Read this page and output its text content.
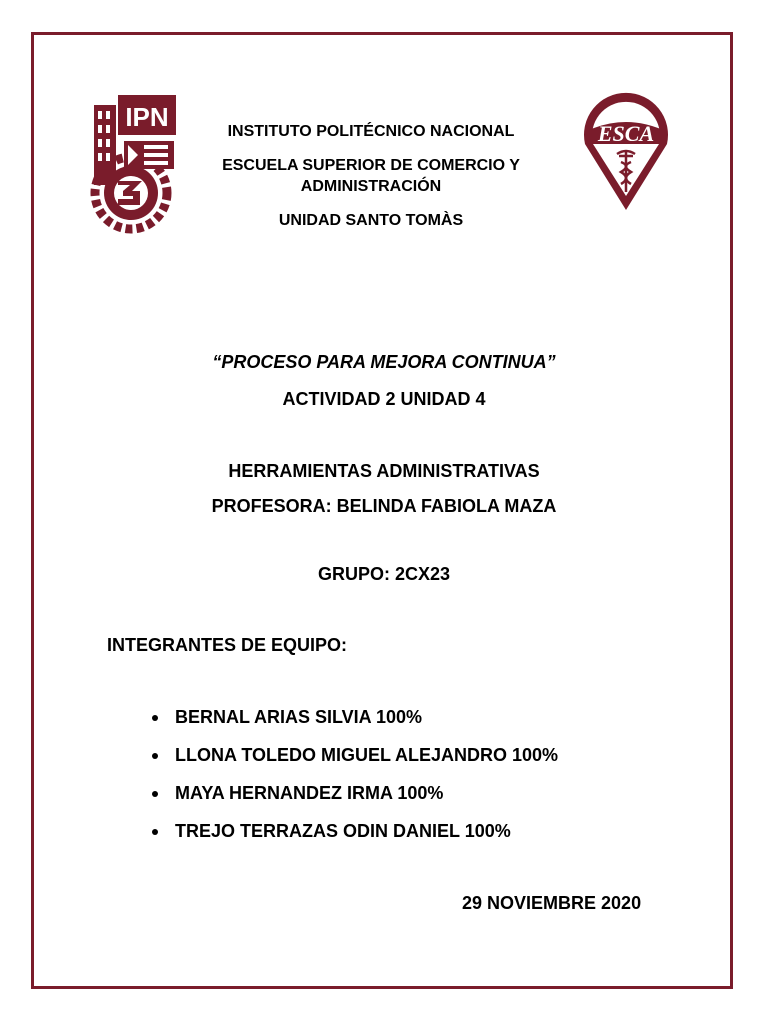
IPN
ESCA
INSTITUTO POLITÉCNICO NACIONAL
ESCUELA SUPERIOR DE COMERCIO Y ADMINISTRACIÓN
UNIDAD SANTO TOMÀS
“PROCESO PARA MEJORA CONTINUA”
ACTIVIDAD 2 UNIDAD 4
HERRAMIENTAS ADMINISTRATIVAS
PROFESORA: BELINDA FABIOLA MAZA
GRUPO: 2CX23
INTEGRANTES DE EQUIPO:
BERNAL ARIAS SILVIA 100%
LLONA TOLEDO MIGUEL ALEJANDRO 100%
MAYA HERNANDEZ IRMA 100%
TREJO TERRAZAS ODIN DANIEL 100%
29 NOVIEMBRE 2020
